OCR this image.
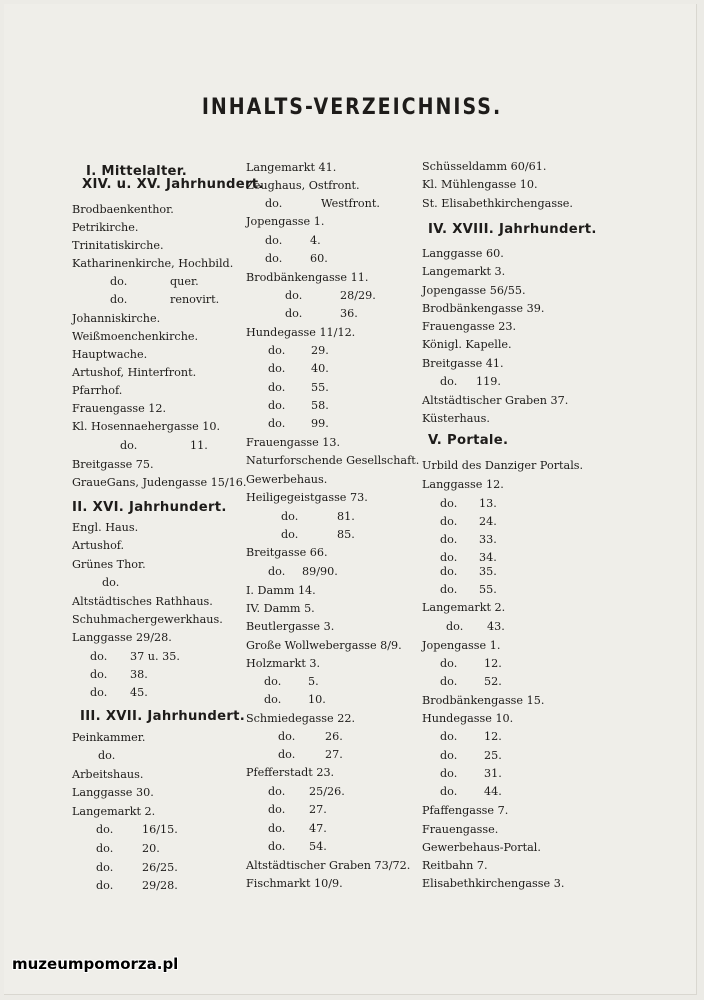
INHALTS-VERZEICHNISS.
I. Mittelalter.
XIV. u. XV. Jahrhundert.
Brodbaenkenthor.
Petrikirche.
Trinitatiskirche.
Katharinenkirche, Hochbild.
do.	quer.
do.	renovirt.
Johanniskirche.
Weißmoenchenkirche.
Hauptwache.
Artushof, Hinterfront.
Pfarrhof.
Frauengasse 12.
Kl. Hosennaehergasse 10.
do.	11.
Breitgasse 75.
GraueGans, Judengasse 15/16.
II. XVI. Jahrhundert.
Engl. Haus.
Artushof.
Grünes Thor.
do.
Altstädtisches Rathhaus.
Schuhmachergewerkhaus.
Langgasse 29/28.
do. 37 u. 35.
do. 38.
do. 45.
III. XVII. Jahrhundert.
Peinkammer.
do.
Arbeitshaus.
Langgasse 30.
Langemarkt 2.
do.	16/15.
do.	20.
do.	26/25.
do.	29/28.
Langemarkt 41.
Zeughaus, Ostfront.
do.	Westfront.
Jopengasse 1.
do. 4.
do. 60.
Brodbänkengasse 11.
do.	28/29.
do.	36.
Hundegasse 11/12.
do. 29.
do. 40.
do. 55.
do. 58.
do. 99.
Frauengasse 13.
Naturforschende Gesellschaft.
Gewerbehaus.
Heiligegeistgasse 73.
do.	81.
do.	85.
Breitgasse 66.
do. 89/90.
I. Damm 14.
IV. Damm 5.
Beutlergasse 3.
Große Wollwebergasse 8/9.
Holzmarkt 3.
do. 5.
do. 10.
Schmiedegasse 22.
do.	26.
do.	27.
Pfefferstadt 23.
do. 25/26.
do. 27.
do. 47.
do. 54.
Altstädtischer Graben 73/72.
Fischmarkt 10/9.
Schüsseldamm 60/61.
Kl. Mühlengasse 10.
St. Elisabethkirchengasse.
IV. XVIII. Jahrhundert.
Langgasse 60.
Langemarkt 3.
Jopengasse 56/55.
Brodbänkengasse 39.
Frauengasse 23.
Königl. Kapelle.
Breitgasse 41.
do. 119.
Altstädtischer Graben 37.
Küsterhaus.
V. Portale.
Urbild des Danziger Portals.
Langgasse 12.
do. 13.
do. 24.
do. 33.
do. 34.
do. 35.
do. 55.
Langemarkt 2.
do. 43.
Jopengasse 1.
do. 12.
do. 52.
Brodbänkengasse 15.
Hundegasse 10.
do. 12.
do. 25.
do. 31.
do. 44.
Pfaffengasse 7.
Frauengasse.
Gewerbehaus-Portal.
Reitbahn 7.
Elisabethkirchengasse 3.
muzeumpomorza.pl
